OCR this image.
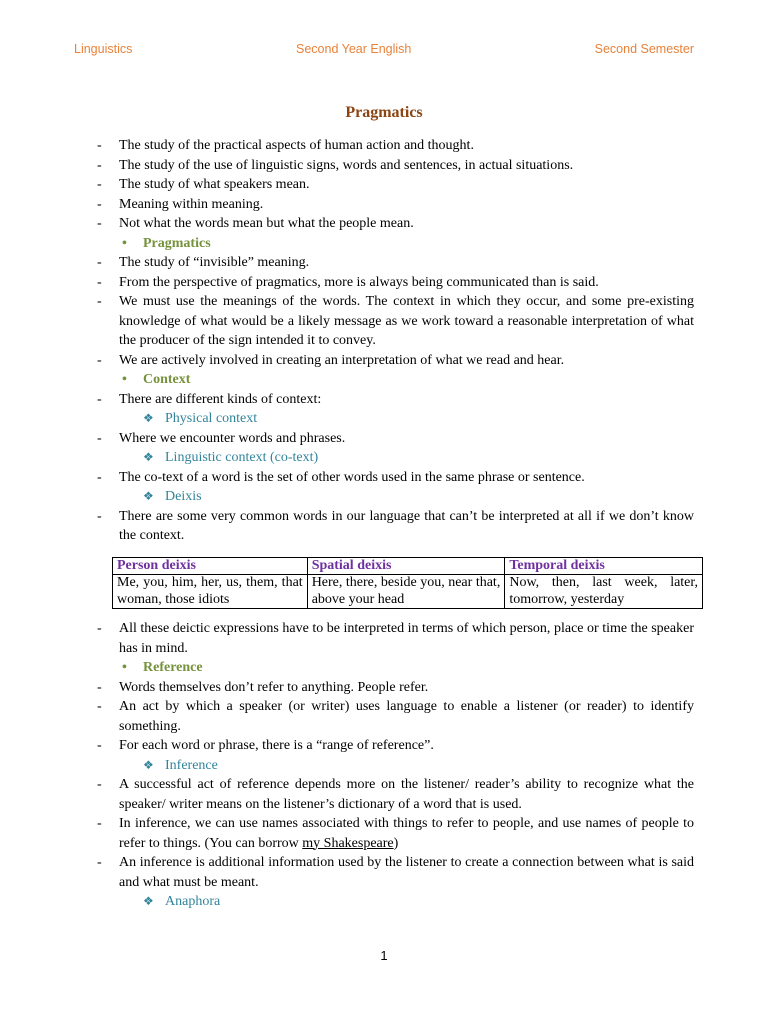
Linguistics	Second Year English	Second Semester
Pragmatics
- The study of the practical aspects of human action and thought.
- The study of the use of linguistic signs, words and sentences, in actual situations.
- The study of what speakers mean.
- Meaning within meaning.
- Not what the words mean but what the people mean.
• Pragmatics
- The study of “invisible” meaning.
- From the perspective of pragmatics, more is always being communicated than is said.
- We must use the meanings of the words. The context in which they occur, and some pre-existing knowledge of what would be a likely message as we work toward a reasonable interpretation of what the producer of the sign intended it to convey.
- We are actively involved in creating an interpretation of what we read and hear.
• Context
- There are different kinds of context:
❖ Physical context
- Where we encounter words and phrases.
❖ Linguistic context (co-text)
- The co-text of a word is the set of other words used in the same phrase or sentence.
❖ Deixis
- There are some very common words in our language that can’t be interpreted at all if we don’t know the context.
Person deixis	Spatial deixis	Temporal deixis
Me, you, him, her, us, them, that woman, those idiots	Here, there, beside you, near that, above your head	Now, then, last week, later, tomorrow, yesterday
- All these deictic expressions have to be interpreted in terms of which person, place or time the speaker has in mind.
• Reference
- Words themselves don’t refer to anything. People refer.
- An act by which a speaker (or writer) uses language to enable a listener (or reader) to identify something.
- For each word or phrase, there is a “range of reference”.
❖ Inference
- A successful act of reference depends more on the listener/ reader’s ability to recognize what the speaker/ writer means on the listener’s dictionary of a word that is used.
- In inference, we can use names associated with things to refer to people, and use names of people to refer to things. (You can borrow my Shakespeare)
- An inference is additional information used by the listener to create a connection between what is said and what must be meant.
❖ Anaphora
1
